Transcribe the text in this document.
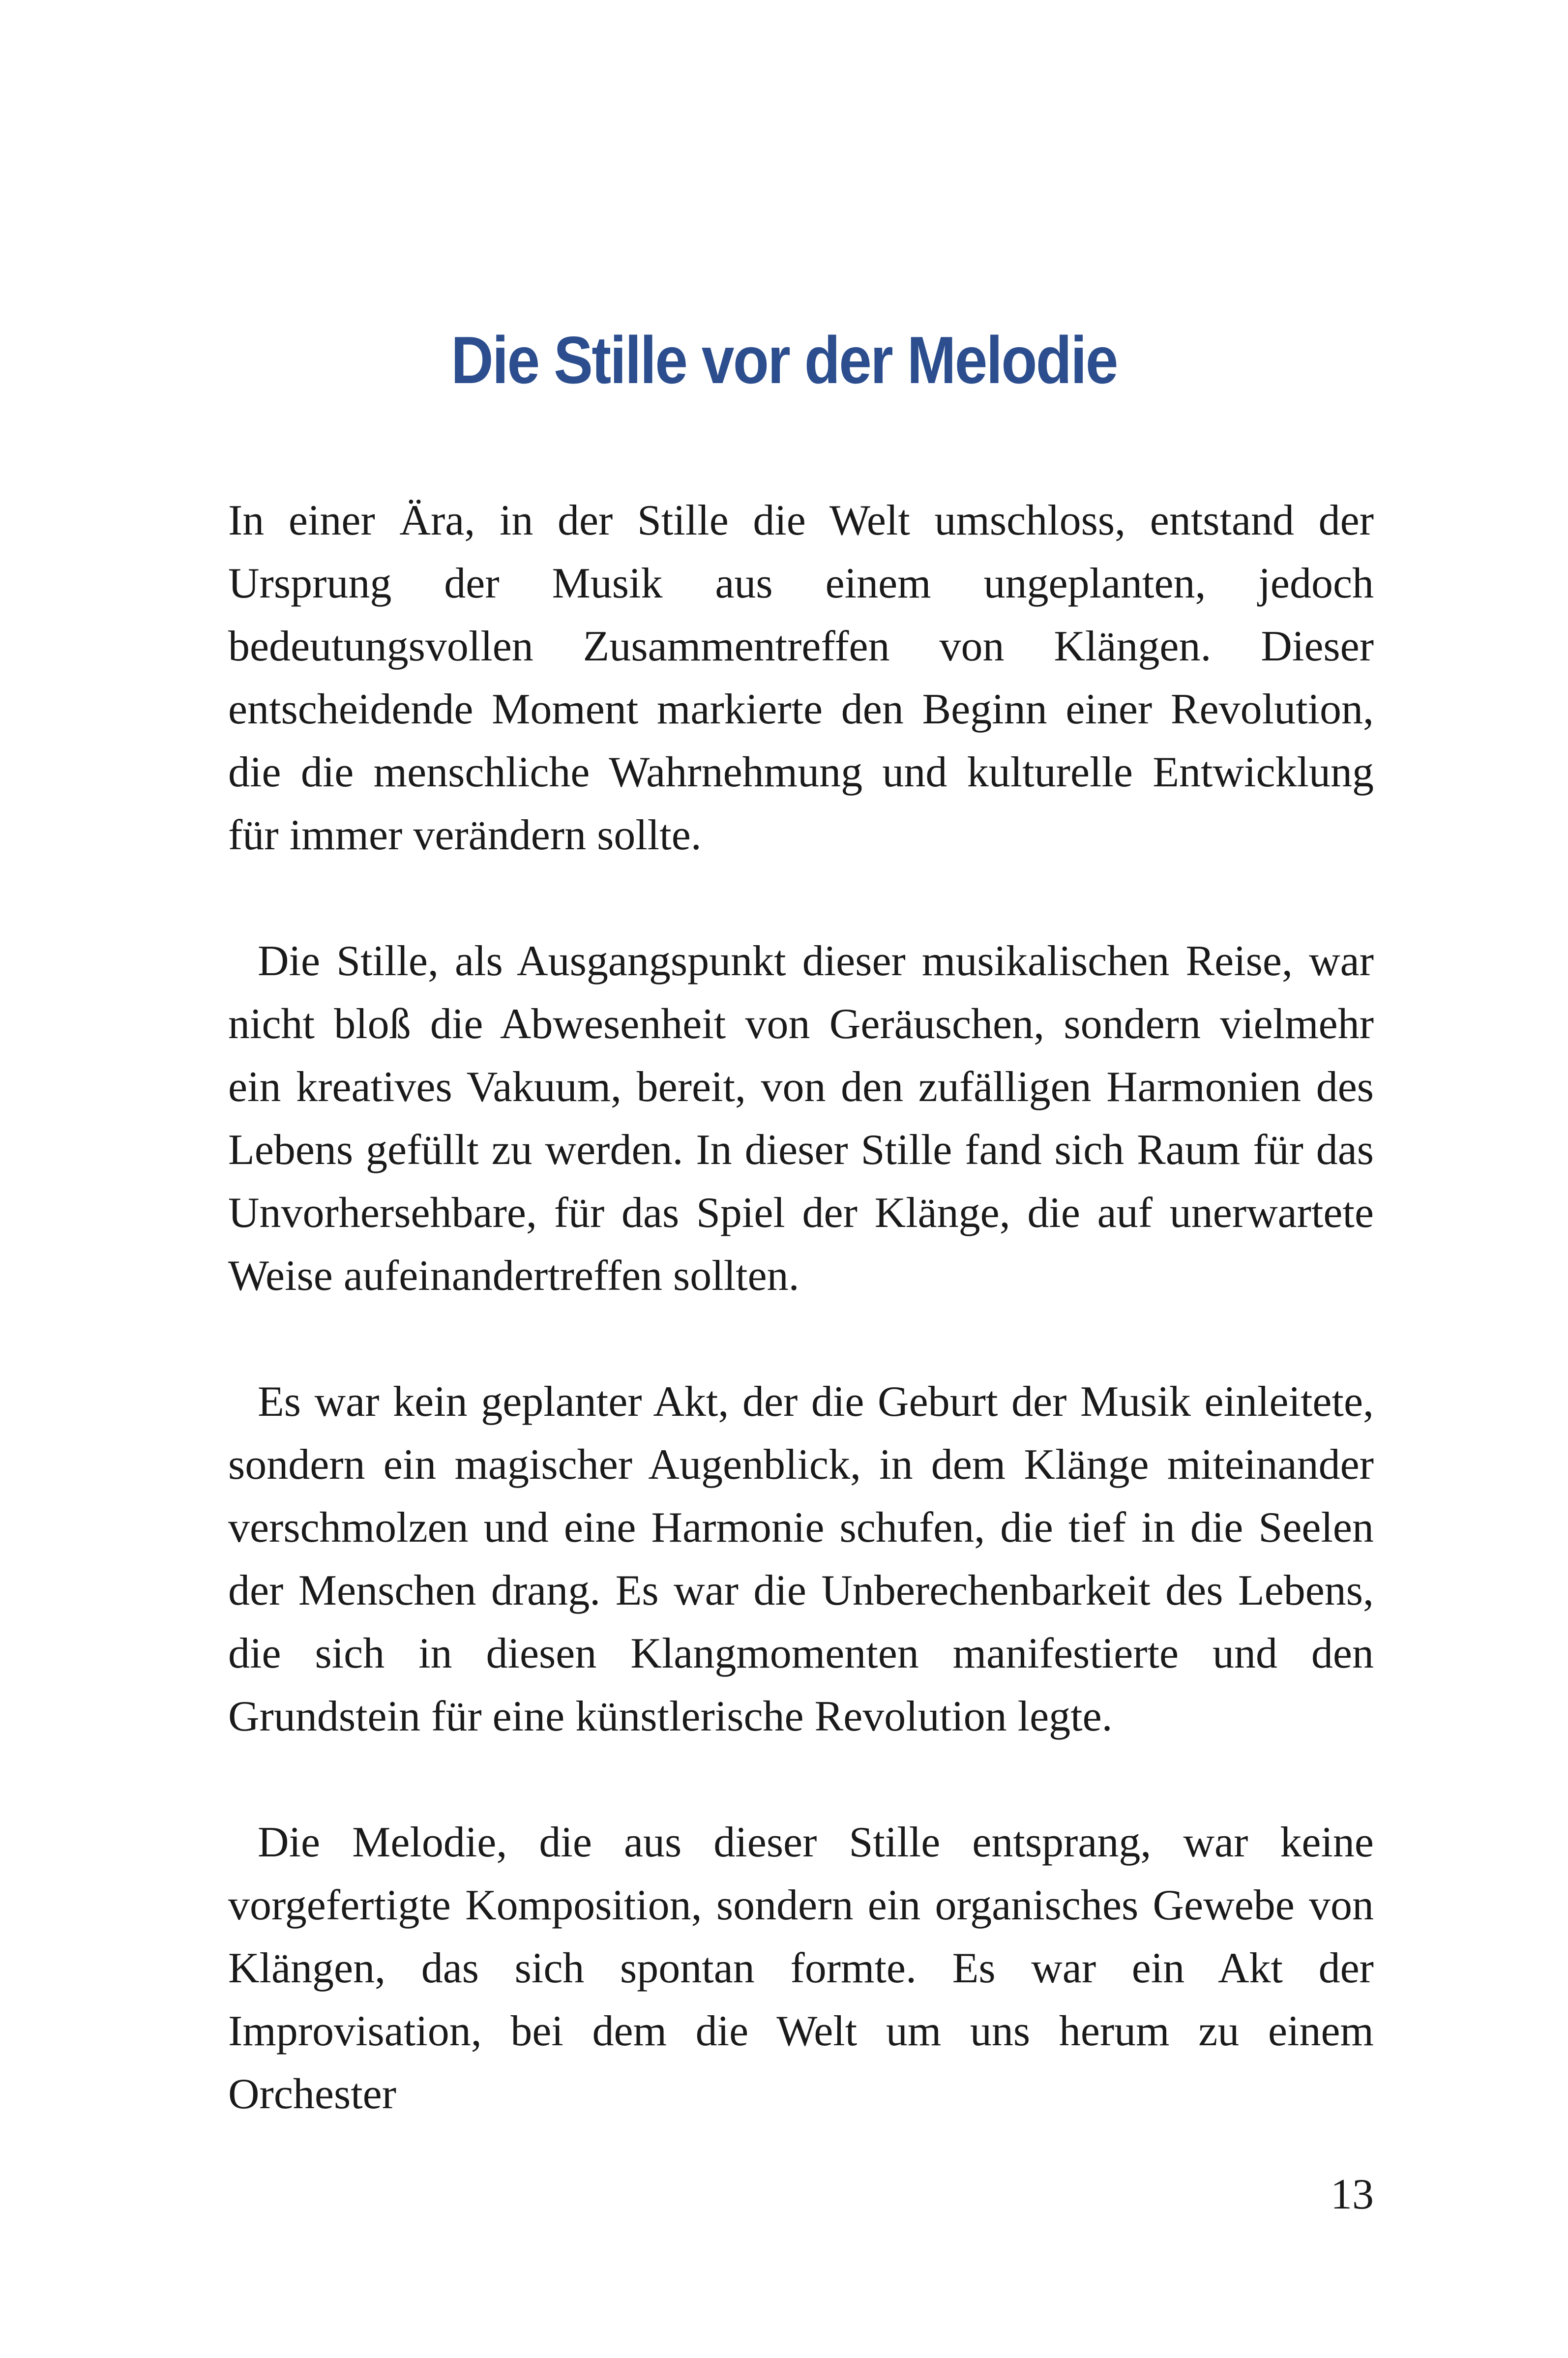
Die Stille vor der Melodie

In einer Ära, in der Stille die Welt umschloss, entstand der Ursprung der Musik aus einem ungeplanten, jedoch bedeutungsvollen Zusammentreffen von Klängen. Dieser entscheidende Moment markierte den Beginn einer Revolution, die die menschliche Wahrnehmung und kulturelle Entwicklung für immer verändern sollte.

Die Stille, als Ausgangspunkt dieser musikalischen Reise, war nicht bloß die Abwesenheit von Geräuschen, sondern vielmehr ein kreatives Vakuum, bereit, von den zufälligen Harmonien des Lebens gefüllt zu werden. In dieser Stille fand sich Raum für das Unvorhersehbare, für das Spiel der Klänge, die auf unerwartete Weise aufeinandertreffen sollten.

Es war kein geplanter Akt, der die Geburt der Musik einleitete, sondern ein magischer Augenblick, in dem Klänge miteinander verschmolzen und eine Harmonie schufen, die tief in die Seelen der Menschen drang. Es war die Unberechenbarkeit des Lebens, die sich in diesen Klangmomenten manifestierte und den Grundstein für eine künstlerische Revolution legte.

Die Melodie, die aus dieser Stille entsprang, war keine vorgefertigte Komposition, sondern ein organisches Gewebe von Klängen, das sich spontan formte. Es war ein Akt der Improvisation, bei dem die Welt um uns herum zu einem Orchester

13
